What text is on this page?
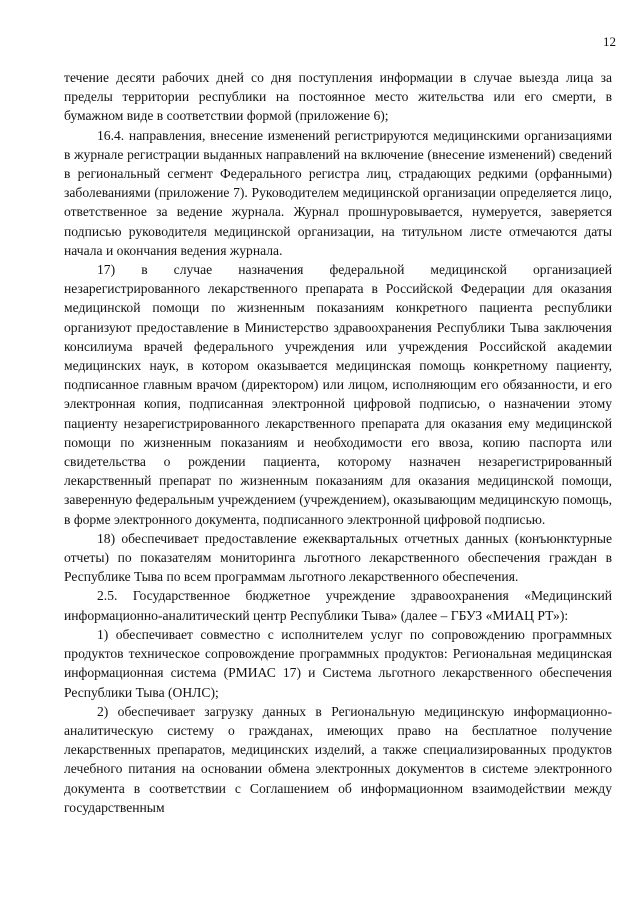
12

течение десяти рабочих дней со дня поступления информации в случае выезда лица за пределы территории республики на постоянное место жительства или его смерти, в бумажном виде в соответствии формой (приложение 6);

16.4. направления, внесение изменений регистрируются медицинскими организациями в журнале регистрации выданных направлений на включение (внесение изменений) сведений в региональный сегмент Федерального регистра лиц, страдающих редкими (орфанными) заболеваниями (приложение 7). Руководителем медицинской организации определяется лицо, ответственное за ведение журнала. Журнал прошнуровывается, нумеруется, заверяется подписью руководителя медицинской организации, на титульном листе отмечаются даты начала и окончания ведения журнала.

17) в случае назначения федеральной медицинской организацией незарегистрированного лекарственного препарата в Российской Федерации для оказания медицинской помощи по жизненным показаниям конкретного пациента республики организуют предоставление в Министерство здравоохранения Республики Тыва заключения консилиума врачей федерального учреждения или учреждения Российской академии медицинских наук, в котором оказывается медицинская помощь конкретному пациенту, подписанное главным врачом (директором) или лицом, исполняющим его обязанности, и его электронная копия, подписанная электронной цифровой подписью, о назначении этому пациенту незарегистрированного лекарственного препарата для оказания ему медицинской помощи по жизненным показаниям и необходимости его ввоза, копию паспорта или свидетельства о рождении пациента, которому назначен незарегистрированный лекарственный препарат по жизненным показаниям для оказания медицинской помощи, заверенную федеральным учреждением (учреждением), оказывающим медицинскую помощь, в форме электронного документа, подписанного электронной цифровой подписью.

18) обеспечивает предоставление ежеквартальных отчетных данных (конъюнктурные отчеты) по показателям мониторинга льготного лекарственного обеспечения граждан в Республике Тыва по всем программам льготного лекарственного обеспечения.

2.5. Государственное бюджетное учреждение здравоохранения «Медицинский информационно-аналитический центр Республики Тыва» (далее – ГБУЗ «МИАЦ РТ»):

1) обеспечивает совместно с исполнителем услуг по сопровождению программных продуктов техническое сопровождение программных продуктов: Региональная медицинская информационная система (РМИАС 17) и Система льготного лекарственного обеспечения Республики Тыва (ОНЛС);

2) обеспечивает загрузку данных в Региональную медицинскую информационно-аналитическую систему о гражданах, имеющих право на бесплатное получение лекарственных препаратов, медицинских изделий, а также специализированных продуктов лечебного питания на основании обмена электронных документов в системе электронного документа в соответствии с Соглашением об информационном взаимодействии между государственным
